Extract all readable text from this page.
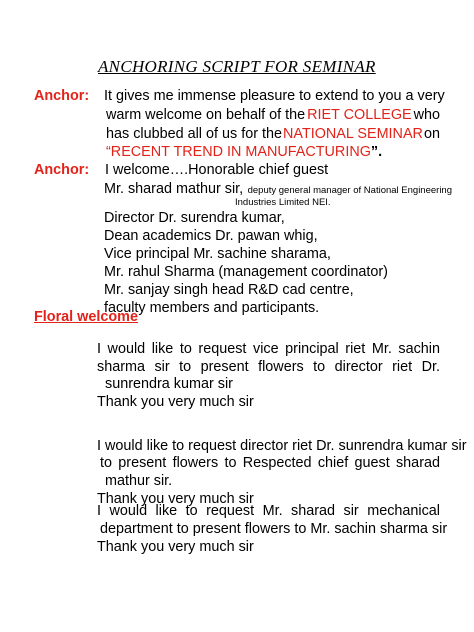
ANCHORING SCRIPT FOR SEMINAR
Anchor: It gives me immense pleasure to extend to you a very
warm welcome on behalf of the RIET COLLEGE who
has clubbed all of us for the NATIONAL SEMINAR on
“RECENT TREND IN MANUFACTURING”.
Anchor: I welcome….Honorable chief guest
Mr. sharad mathur sir, deputy general manager of National Engineering
Industries Limited NEI.
Director Dr. surendra kumar,
Dean academics Dr. pawan whig,
Vice principal Mr. sachine sharama,
Mr. rahul Sharma (management coordinator)
Mr. sanjay singh head R&D cad centre,
faculty members and participants.
Floral welcome
I would like to request vice principal riet Mr. sachin
sharma sir to present flowers to director riet Dr.
sunrendra kumar sir
Thank you very much sir
I would like to request director riet Dr. sunrendra kumar sir
to present flowers to Respected chief guest sharad
mathur sir.
Thank you very much sir
I would like to request Mr. sharad sir mechanical
department to present flowers to Mr. sachin sharma sir
Thank you very much sir
